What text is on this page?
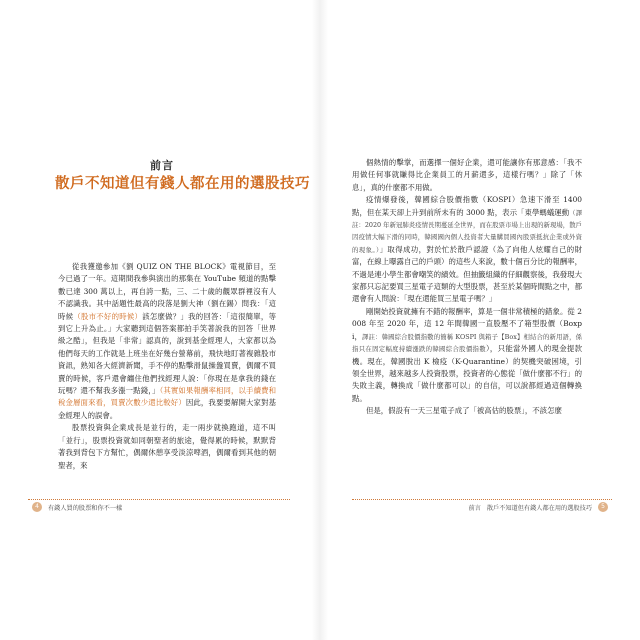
前言
散戶不知道但有錢人都在用的選股技巧

從我獲邀參加《劉 QUIZ ON THE BLOCK》電視節目，至今已過了一年。這期間我參與演出的那集在 YouTube 頻道的點擊數已達 300 萬以上，再自誇一點，三、二十歲的觀眾群裡沒有人不認識我。其中話題性最高的段落是劉大神（劉在錫）問我：「這時候（股市不好的時候）該怎麼做？」我的回答：「這很簡單，等到它上升為止。」大家聽到這個答案都拍手笑著說我的回答「世界級之酷」，但我是「非常」認真的，說到基金經理人，大家都以為他們每天的工作就是上班坐在好幾台螢幕前，飛快地盯著複雜股市資訊，熟知各大經濟新聞，手不停的點擊滑鼠操盤買賣，偶爾不買賣的時候，客戶還會纏住他們找經理人說：「你現在是拿我的錢在玩嗎？還不幫我多漲一點錢，」（其實如果報酬率相同，以手續費和稅金層面來看，買賣次數少還比較好）因此，我要要解開大家對基金經理人的誤會。

股票投資與企業成長是並行的，走一兩步就換跑道，這不叫「並行」，股票投資就如同朝聖者的旅途，覺得累的時候，默默背著我到背包下方幫忙，偶爾休憩享受淡涼啤酒，偶爾看到其他的朝聖者，來

4	有錢人買的股票和你不一樣

個熱情的擊掌，而選擇一個好企業，還可能讓你有那意感：「我不用做任何事就賺得比企業員工的月薪還多，這樣行嗎？」除了「休息」，真的什麼都不用做。

疫情爆發後，韓國綜合股價指數（KOSPI）急速下滑至 1400 點，但在某天卻上升到前所未有的 3000 點，表示「東學螞蟻運動（譯註：2020 年新冠肺炎疫情長期蔓延全世界，而在股票市場上出現的新現場，散戶因疫情大幅下滑的同時，韓國國內個人投資者大量購買國內股票抵抗企業或外資的現象。）」取得成功，對於忙於散戶認證（為了向他人炫耀自己的財富，在線上曝露自己的戶頭）的這些人來說，數十個百分比的報酬率，不過是連小學生都會嘲笑的績效。但抽籤組織的仔細觀察後，我發現大家都只忘記要買三星電子這類的大型股票，甚至於某個時間點之中，都還會有人問說：「現在還能買三星電子嗎？」

剛開始投資就擁有不錯的報酬率，算是一個非常積極的錯象。從 2008 年至 2020 年，這 12 年間韓國一直股壓不了箱型股價（Boxpi，譯註：韓國綜合股價指數的簡稱 KOSPI 與箱子【Box】相結合的新用語，係指只在固定幅度持續漲跌的韓國綜合股價指數），只能當外國人的現金提款機。現在，韓國脫出 K 檢疫（K-Quarantine）的契機突破困境，引領全世界，越來越多人投資股票，投資者的心態從「做什麼都不行」的失敗主義，轉換成「做什麼都可以」的自信，可以說都經過這個轉換點。

但是，假設有一天三星電子成了「被高估的股票」，不該怎麼

前言 散戶不知道但有錢人都在用的選股技巧	5
